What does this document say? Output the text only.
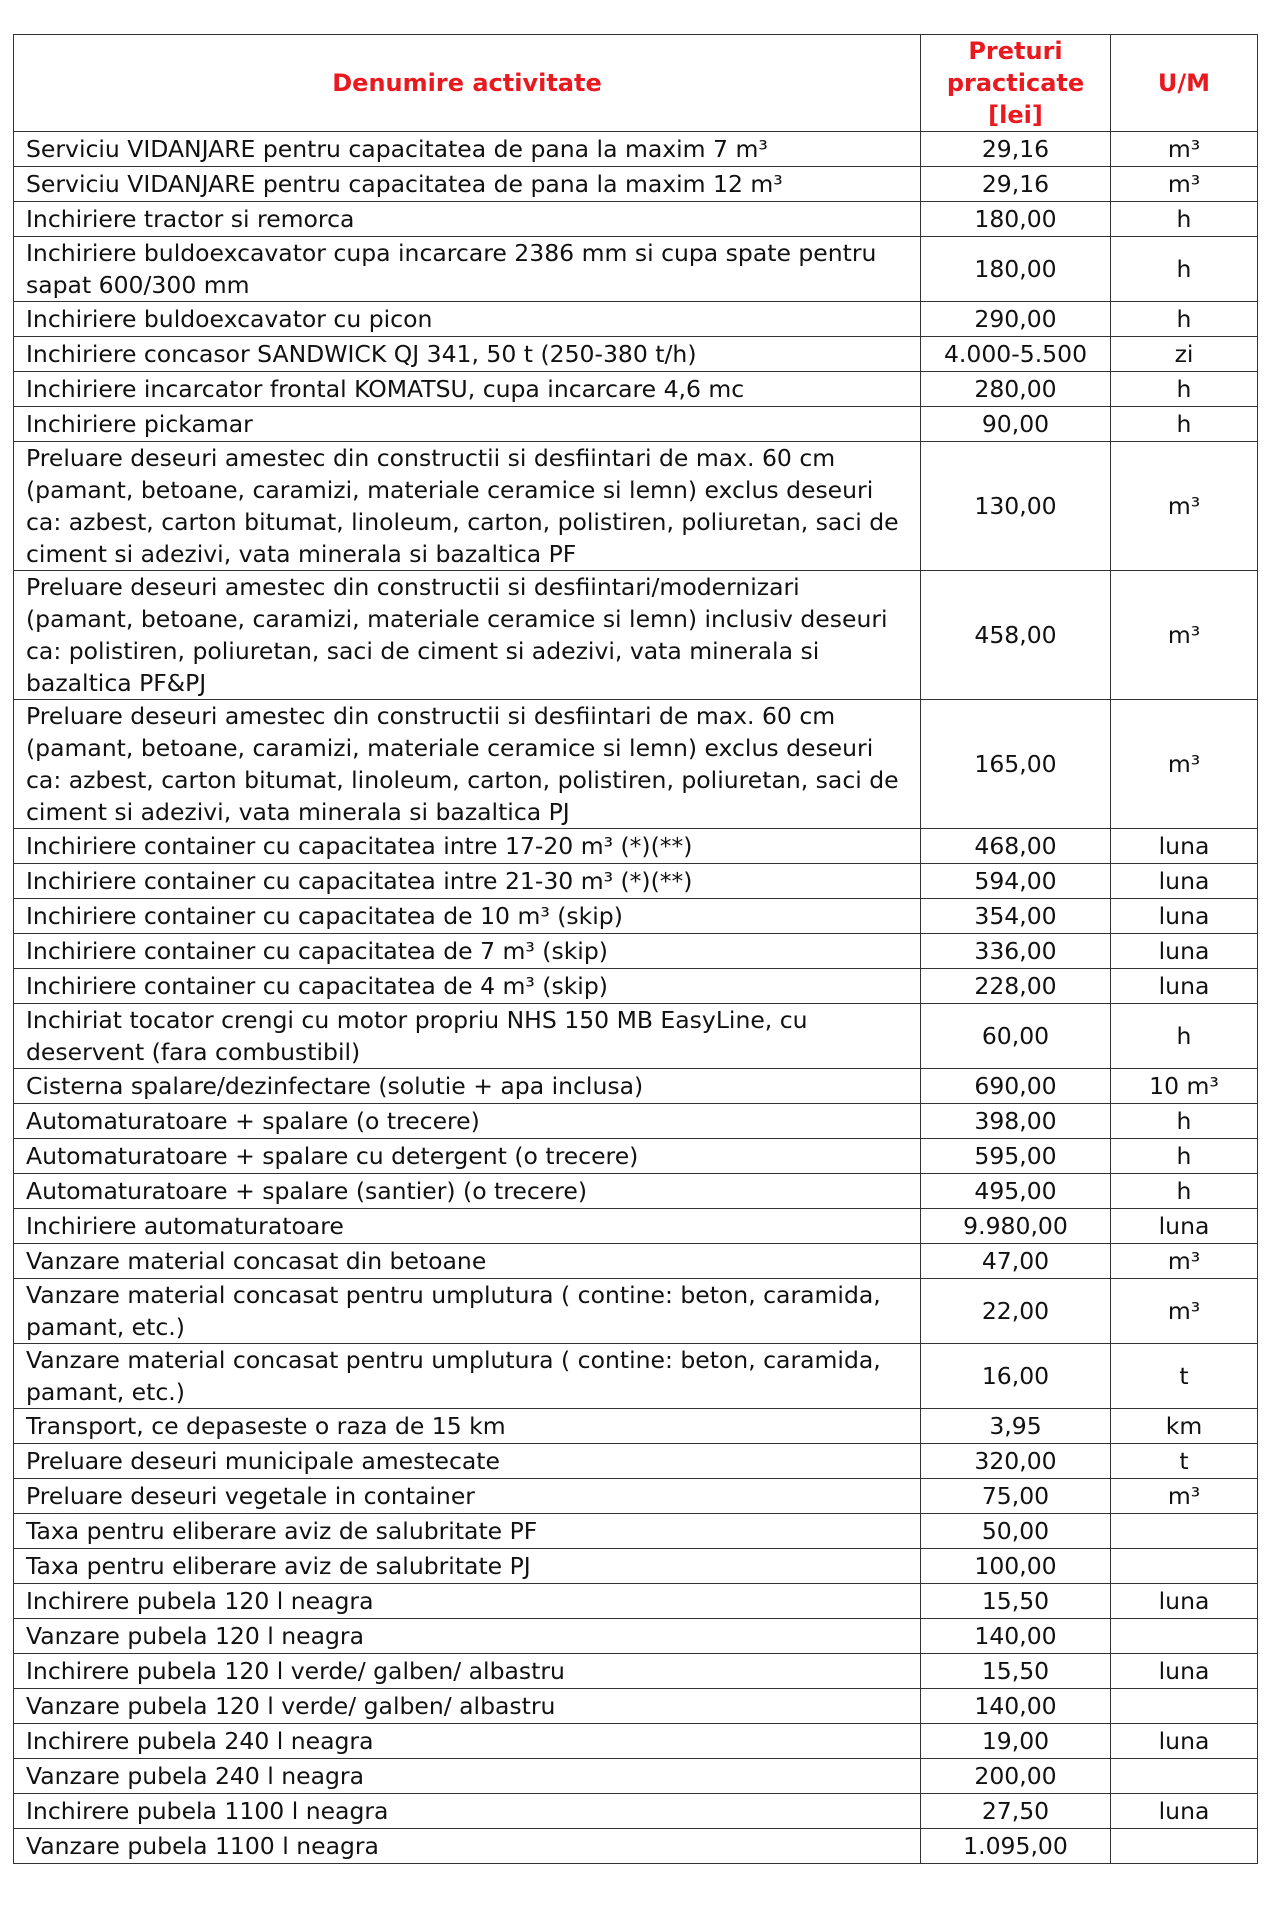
Denumire activitate	Preturi practicate [lei]	U/M
Serviciu VIDANJARE pentru capacitatea de pana la maxim 7 m³	29,16	m³
Serviciu VIDANJARE pentru capacitatea de pana la maxim 12 m³	29,16	m³
Inchiriere tractor si remorca	180,00	h
Inchiriere buldoexcavator cupa incarcare 2386 mm si cupa spate pentru sapat 600/300 mm	180,00	h
Inchiriere buldoexcavator cu picon	290,00	h
Inchiriere concasor SANDWICK QJ 341, 50 t (250-380 t/h)	4.000-5.500	zi
Inchiriere incarcator frontal KOMATSU, cupa incarcare 4,6 mc	280,00	h
Inchiriere pickamar	90,00	h
Preluare deseuri amestec din constructii si desfiintari de max. 60 cm (pamant, betoane, caramizi, materiale ceramice si lemn) exclus deseuri ca: azbest, carton bitumat, linoleum, carton, polistiren, poliuretan, saci de ciment si adezivi, vata minerala si bazaltica PF	130,00	m³
Preluare deseuri amestec din constructii si desfiintari/modernizari (pamant, betoane, caramizi, materiale ceramice si lemn) inclusiv deseuri ca: polistiren, poliuretan, saci de ciment si adezivi, vata minerala si bazaltica PF&PJ	458,00	m³
Preluare deseuri amestec din constructii si desfiintari de max. 60 cm (pamant, betoane, caramizi, materiale ceramice si lemn) exclus deseuri ca: azbest, carton bitumat, linoleum, carton, polistiren, poliuretan, saci de ciment si adezivi, vata minerala si bazaltica PJ	165,00	m³
Inchiriere container cu capacitatea intre 17-20 m³ (*)(**)	468,00	luna
Inchiriere container cu capacitatea intre 21-30 m³ (*)(**)	594,00	luna
Inchiriere container cu capacitatea de 10 m³ (skip)	354,00	luna
Inchiriere container cu capacitatea de 7 m³ (skip)	336,00	luna
Inchiriere container cu capacitatea de 4 m³ (skip)	228,00	luna
Inchiriat tocator crengi cu motor propriu NHS 150 MB EasyLine, cu deservent (fara combustibil)	60,00	h
Cisterna spalare/dezinfectare (solutie + apa inclusa)	690,00	10 m³
Automaturatoare + spalare (o trecere)	398,00	h
Automaturatoare + spalare cu detergent (o trecere)	595,00	h
Automaturatoare + spalare (santier) (o trecere)	495,00	h
Inchiriere automaturatoare	9.980,00	luna
Vanzare material concasat din betoane	47,00	m³
Vanzare material concasat pentru umplutura ( contine: beton, caramida, pamant, etc.)	22,00	m³
Vanzare material concasat pentru umplutura ( contine: beton, caramida, pamant, etc.)	16,00	t
Transport, ce depaseste o raza de 15 km	3,95	km
Preluare deseuri municipale amestecate	320,00	t
Preluare deseuri vegetale in container	75,00	m³
Taxa pentru eliberare aviz de salubritate PF	50,00	
Taxa pentru eliberare aviz de salubritate PJ	100,00	
Inchirere pubela 120 l neagra	15,50	luna
Vanzare pubela 120 l neagra	140,00	
Inchirere pubela 120 l verde/ galben/ albastru	15,50	luna
Vanzare pubela 120 l verde/ galben/ albastru	140,00	
Inchirere pubela 240 l neagra	19,00	luna
Vanzare pubela 240 l neagra	200,00	
Inchirere pubela 1100 l neagra	27,50	luna
Vanzare pubela 1100 l neagra	1.095,00	
